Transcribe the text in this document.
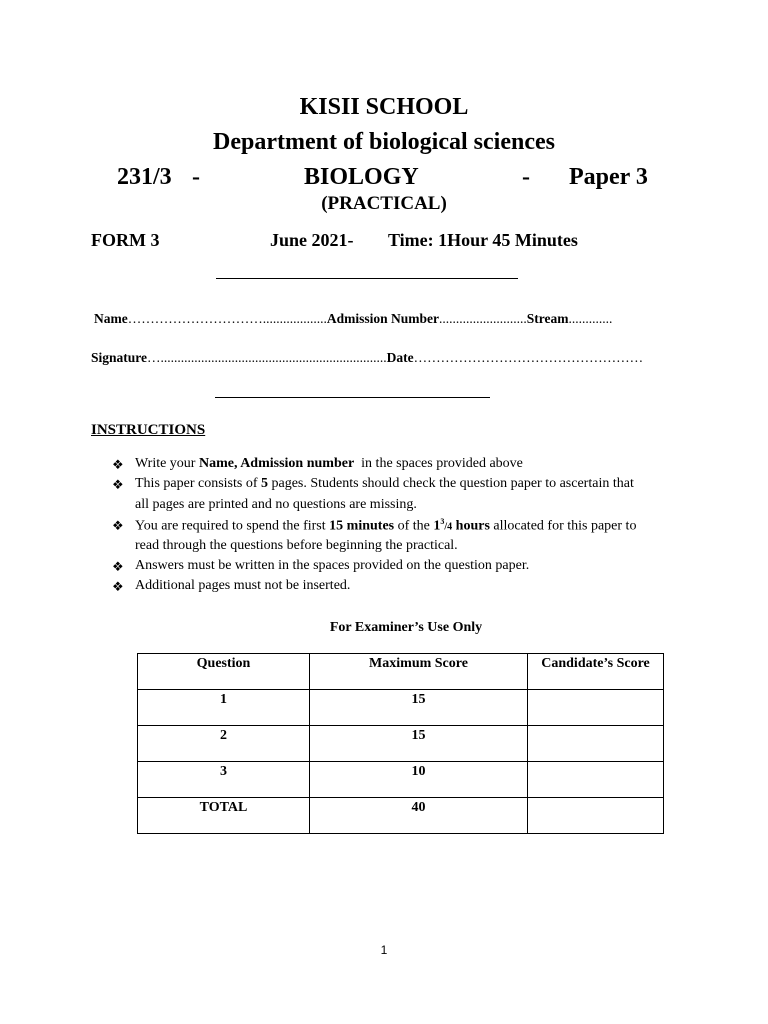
KISII SCHOOL
Department of biological sciences
231/3 -	BIOLOGY	- Paper 3
(PRACTICAL)
FORM 3	June 2021- Time: 1Hour 45 Minutes
Name…………………………...................Admission Number..........................Stream.............
Signature…...................................................................Date……………………………………………
INSTRUCTIONS
❖ Write your Name, Admission number  in the spaces provided above
❖ This paper consists of 5 pages. Students should check the question paper to ascertain that
all pages are printed and no questions are missing.
❖ You are required to spend the first 15 minutes of the $1^3/4$ hours allocated for this paper to
read through the questions before beginning the practical.
❖ Answers must be written in the spaces provided on the question paper.
❖ Additional pages must not be inserted.
For Examiner’s Use Only
Question	Maximum Score	Candidate’s Score

1	15	

2	15	

3	10	

TOTAL	40	

1
